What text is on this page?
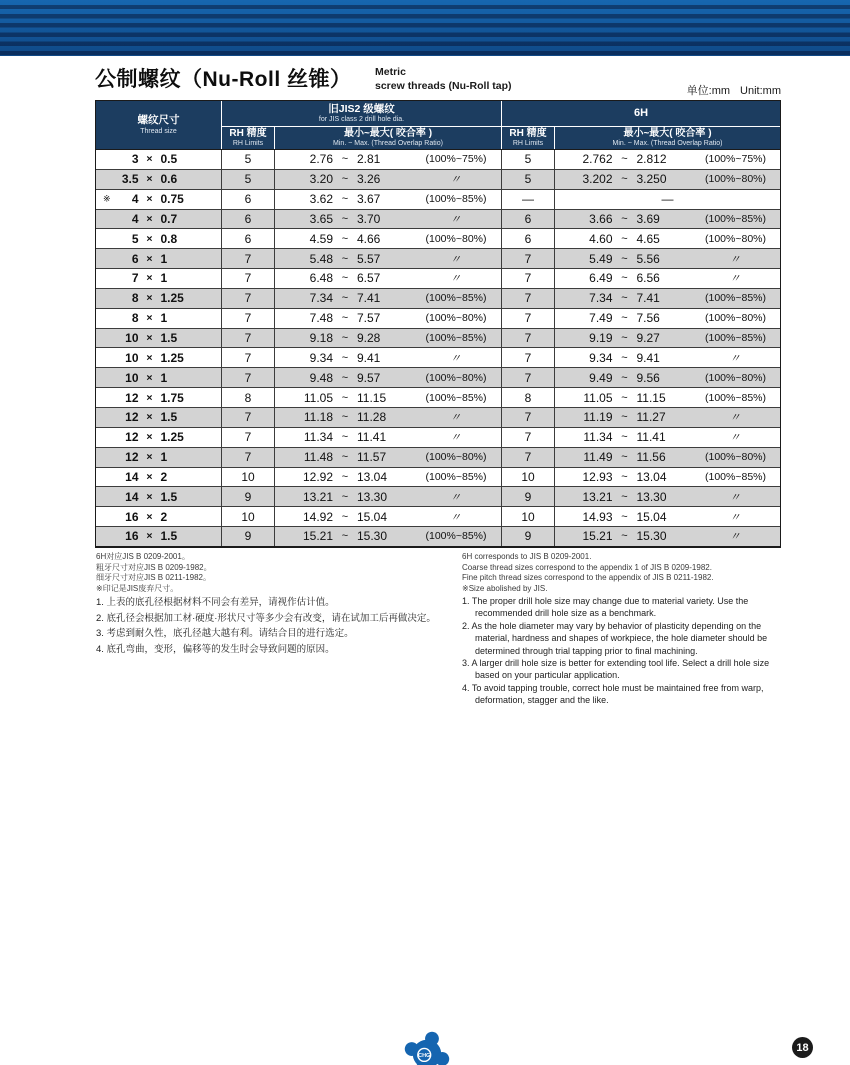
公制螺纹（Nu-Roll 丝锥） Metric
screw threads (Nu-Roll tap)	单位:mm Unit:mm
螺纹尺寸
Thread size
旧JIS2 级螺纹
for JIS class 2 drill hole dia.
6H
RH 精度
RH Limits
最小~最大( 咬合率 )
Min. ~ Max. (Thread Overlap Ratio)
RH 精度
RH Limits
最小~最大( 咬合率 )
Min. ~ Max. (Thread Overlap Ratio)
3 × 0.5	5	2.76 ~ 2.81	(100%~75%)	5	2.762 ~ 2.812	(100%~75%)
3.5 × 0.6	5	3.20 ~ 3.26	〃	5	3.202 ~ 3.250	(100%~80%)
※	4 × 0.75	6	3.62 ~ 3.67	(100%~85%)	—	—
4 × 0.7	6	3.65 ~ 3.70	〃	6	3.66 ~ 3.69	(100%~85%)
5 × 0.8	6	4.59 ~ 4.66	(100%~80%)	6	4.60 ~ 4.65	(100%~80%)
6 × 1	7	5.48 ~ 5.57	〃	7	5.49 ~ 5.56	〃
7 × 1	7	6.48 ~ 6.57	〃	7	6.49 ~ 6.56	〃
8 × 1.25	7	7.34 ~ 7.41	(100%~85%)	7	7.34 ~ 7.41	(100%~85%)
8 × 1	7	7.48 ~ 7.57	(100%~80%)	7	7.49 ~ 7.56	(100%~80%)
10 × 1.5	7	9.18 ~ 9.28	(100%~85%)	7	9.19 ~ 9.27	(100%~85%)
10 × 1.25	7	9.34 ~ 9.41	〃	7	9.34 ~ 9.41	〃
10 × 1	7	9.48 ~ 9.57	(100%~80%)	7	9.49 ~ 9.56	(100%~80%)
12 × 1.75	8	11.05 ~ 11.15	(100%~85%)	8	11.05 ~ 11.15	(100%~85%)
12 × 1.5	7	11.18 ~ 11.28	〃	7	11.19 ~ 11.27	〃
12 × 1.25	7	11.34 ~ 11.41	〃	7	11.34 ~ 11.41	〃
12 × 1	7	11.48 ~ 11.57	(100%~80%)	7	11.49 ~ 11.56	(100%~80%)
14 × 2	10	12.92 ~ 13.04	(100%~85%)	10	12.93 ~ 13.04	(100%~85%)
14 × 1.5	9	13.21 ~ 13.30	〃	9	13.21 ~ 13.30	〃
16 × 2	10	14.92 ~ 15.04	〃	10	14.93 ~ 15.04	〃
16 × 1.5	9	15.21 ~ 15.30	(100%~85%)	9	15.21 ~ 15.30	〃
6H对应JIS B 0209-2001。
粗牙尺寸对应JIS B 0209-1982。
细牙尺寸对应JIS B 0211-1982。
※印记是JIS废弃尺寸。
6H corresponds to JIS B 0209-2001.
Coarse thread sizes correspond to the appendix 1 of JIS B 0209-1982.
Fine pitch thread sizes correspond to the appendix of JIS B 0211-1982.
※Size abolished by JIS.
1. 上表的底孔径根据材料不同会有差异，请视作估计值。
2. 底孔径会根据加工材·硬度·形状尺寸等多少会有改变，请在试加工后再做决定。
3. 考虑到耐久性，底孔径越大越有利。请结合目的进行选定。
4. 底孔弯曲，变形，偏移等的发生时会导致问题的原因。
1. The proper drill hole size may change due to material variety. Use the recommended drill hole size as a benchmark.
2. As the hole diameter may vary by behavior of plasticity depending on the material, hardness and shapes of workpiece, the hole diameter should be determined through trial tapping prior to final machining.
3. A larger drill hole size is better for extending tool life. Select a drill hole size based on your particular application.
4. To avoid tapping trouble, correct hole must be maintained free from warp, deformation, stagger and the like.
CHG
18
